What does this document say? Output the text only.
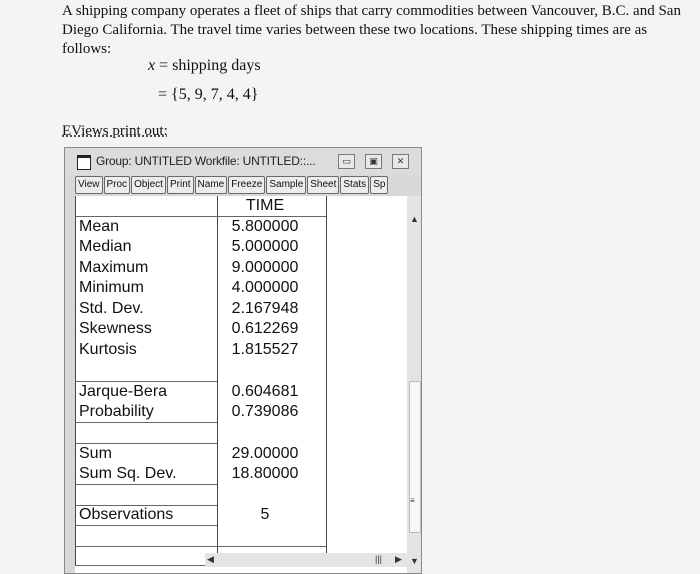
A shipping company operates a fleet of ships that carry commodities between Vancouver, B.C. and San Diego California. The travel time varies between these two locations. These shipping times are as follows:

x = shipping days
= {5, 9, 7, 4, 4}
EViews print out:
Group: UNTITLED Workfile: UNTITLED::...	▭	▣	✕
View Proc Object Print Name Freeze Sample Sheet Stats Sp
TIME
Mean	5.800000
Median	5.000000
Maximum	9.000000
Minimum	4.000000
Std. Dev.	2.167948
Skewness	0.612269
Kurtosis	1.815527
Jarque-Bera	0.604681
Probability	0.739086
Sum	29.00000
Sum Sq. Dev.	18.80000
Observations	5
▲
≡
▼
◀	||| ▶
